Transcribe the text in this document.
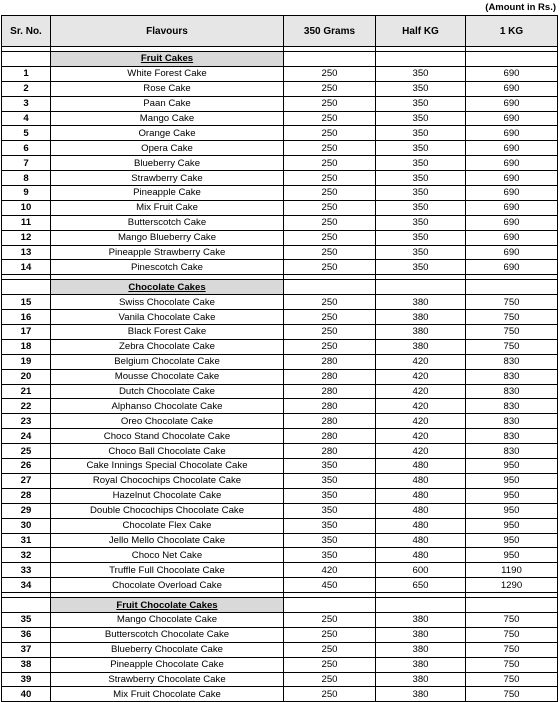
(Amount in Rs.)
Sr. No.	Flavours	350 Grams	Half KG	1 KG

	Fruit Cakes			
1	White Forest Cake	250	350	690
2	Rose Cake	250	350	690
3	Paan Cake	250	350	690
4	Mango Cake	250	350	690
5	Orange Cake	250	350	690
6	Opera Cake	250	350	690
7	Blueberry Cake	250	350	690
8	Strawberry Cake	250	350	690
9	Pineapple Cake	250	350	690
10	Mix Fruit Cake	250	350	690
11	Butterscotch Cake	250	350	690
12	Mango Blueberry Cake	250	350	690
13	Pineapple Strawberry Cake	250	350	690
14	Pinescotch Cake	250	350	690

	Chocolate Cakes			
15	Swiss Chocolate Cake	250	380	750
16	Vanila Chocolate Cake	250	380	750
17	Black Forest Cake	250	380	750
18	Zebra Chocolate Cake	250	380	750
19	Belgium Chocolate Cake	280	420	830
20	Mousse Chocolate Cake	280	420	830
21	Dutch Chocolate Cake	280	420	830
22	Alphanso Chocolate Cake	280	420	830
23	Oreo Chocolate Cake	280	420	830
24	Choco Stand Chocolate Cake	280	420	830
25	Choco Ball Chocolate Cake	280	420	830
26	Cake Innings Special Chocolate Cake	350	480	950
27	Royal Chocochips Chocolate Cake	350	480	950
28	Hazelnut Chocolate Cake	350	480	950
29	Double Chocochips Chocolate Cake	350	480	950
30	Chocolate Flex Cake	350	480	950
31	Jello Mello Chocolate Cake	350	480	950
32	Choco Net Cake	350	480	950
33	Truffle Full Chocolate Cake	420	600	1190
34	Chocolate Overload Cake	450	650	1290

	Fruit Chocolate Cakes			
35	Mango Chocolate Cake	250	380	750
36	Butterscotch Chocolate Cake	250	380	750
37	Blueberry Chocolate Cake	250	380	750
38	Pineapple Chocolate Cake	250	380	750
39	Strawberry Chocolate Cake	250	380	750
40	Mix Fruit Chocolate Cake	250	380	750
